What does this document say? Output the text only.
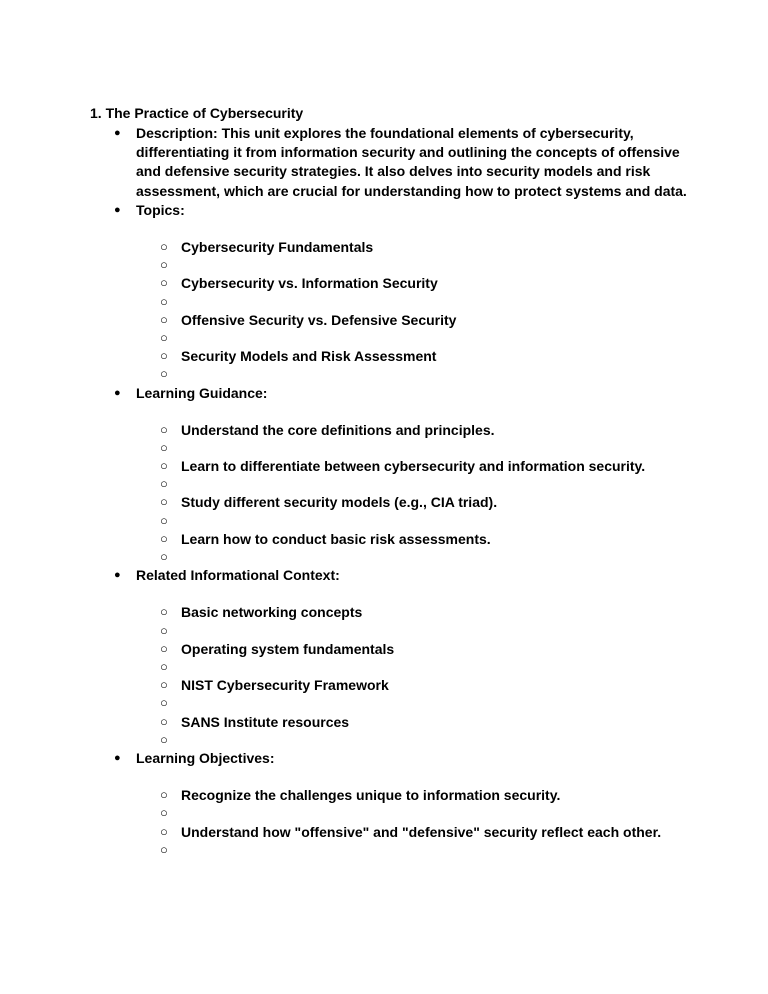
1. The Practice of Cybersecurity
● Description: This unit explores the foundational elements of cybersecurity, differentiating it from information security and outlining the concepts of offensive and defensive security strategies. It also delves into security models and risk assessment, which are crucial for understanding how to protect systems and data.
● Topics:
○ Cybersecurity Fundamentals
○
○ Cybersecurity vs. Information Security
○
○ Offensive Security vs. Defensive Security
○
○ Security Models and Risk Assessment
○
● Learning Guidance:
○ Understand the core definitions and principles.
○
○ Learn to differentiate between cybersecurity and information security.
○
○ Study different security models (e.g., CIA triad).
○
○ Learn how to conduct basic risk assessments.
○
● Related Informational Context:
○ Basic networking concepts
○
○ Operating system fundamentals
○
○ NIST Cybersecurity Framework
○
○ SANS Institute resources
○
● Learning Objectives:
○ Recognize the challenges unique to information security.
○
○ Understand how "offensive" and "defensive" security reflect each other.
○
